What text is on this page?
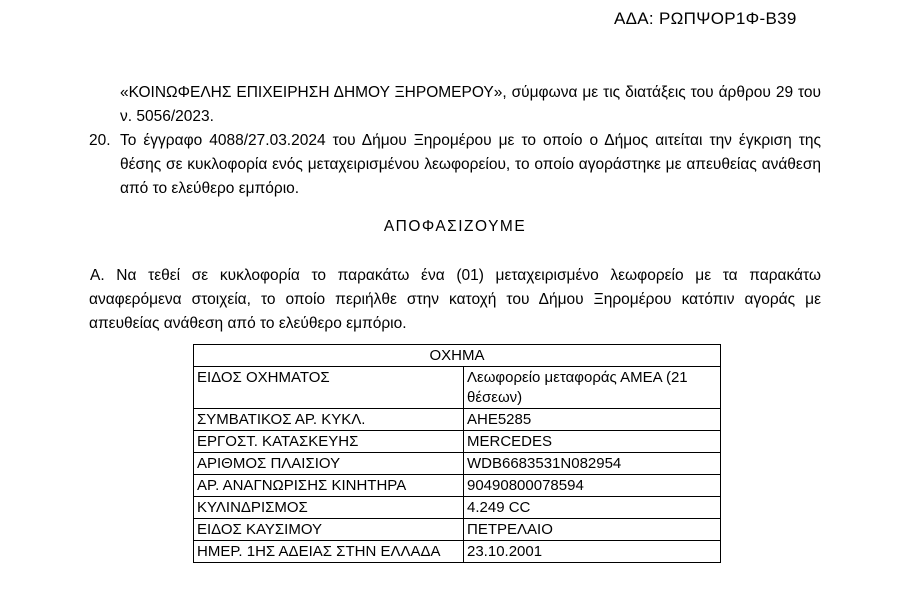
ΑΔΑ: ΡΩΠΨΟΡ1Φ-Β39
«ΚΟΙΝΩΦΕΛΗΣ ΕΠΙΧΕΙΡΗΣΗ ΔΗΜΟΥ ΞΗΡΟΜΕΡΟΥ», σύμφωνα με τις διατάξεις του άρθρου 29 του ν. 5056/2023.
20. Το έγγραφο 4088/27.03.2024 του Δήμου Ξηρομέρου με το οποίο ο Δήμος αιτείται την έγκριση της θέσης σε κυκλοφορία ενός μεταχειρισμένου λεωφορείου, το οποίο αγοράστηκε με απευθείας ανάθεση από το ελεύθερο εμπόριο.
ΑΠΟΦΑΣΙΖΟΥΜΕ
Α. Να τεθεί σε κυκλοφορία το παρακάτω ένα (01) μεταχειρισμένο λεωφορείο με τα παρακάτω αναφερόμενα στοιχεία, το οποίο περιήλθε στην κατοχή του Δήμου Ξηρομέρου κατόπιν αγοράς με απευθείας ανάθεση από το ελεύθερο εμπόριο.
ΟΧΗΜΑ	
ΕΙΔΟΣ ΟΧΗΜΑΤΟΣ	Λεωφορείο μεταφοράς ΑΜΕΑ (21 θέσεων)
ΣΥΜΒΑΤΙΚΟΣ ΑΡ. ΚΥΚΛ.	ΑΗΕ5285
ΕΡΓΟΣΤ. ΚΑΤΑΣΚΕΥΗΣ	MERCEDES
ΑΡΙΘΜΟΣ ΠΛΑΙΣΙΟΥ	WDB6683531N082954
ΑΡ. ΑΝΑΓΝΩΡΙΣΗΣ ΚΙΝΗΤΗΡΑ	90490800078594
ΚΥΛΙΝΔΡΙΣΜΟΣ	4.249 CC
ΕΙΔΟΣ ΚΑΥΣΙΜΟΥ	ΠΕΤΡΕΛΑΙΟ
ΗΜΕΡ. 1ΗΣ ΑΔΕΙΑΣ ΣΤΗΝ ΕΛΛΑΔΑ	23.10.2001
